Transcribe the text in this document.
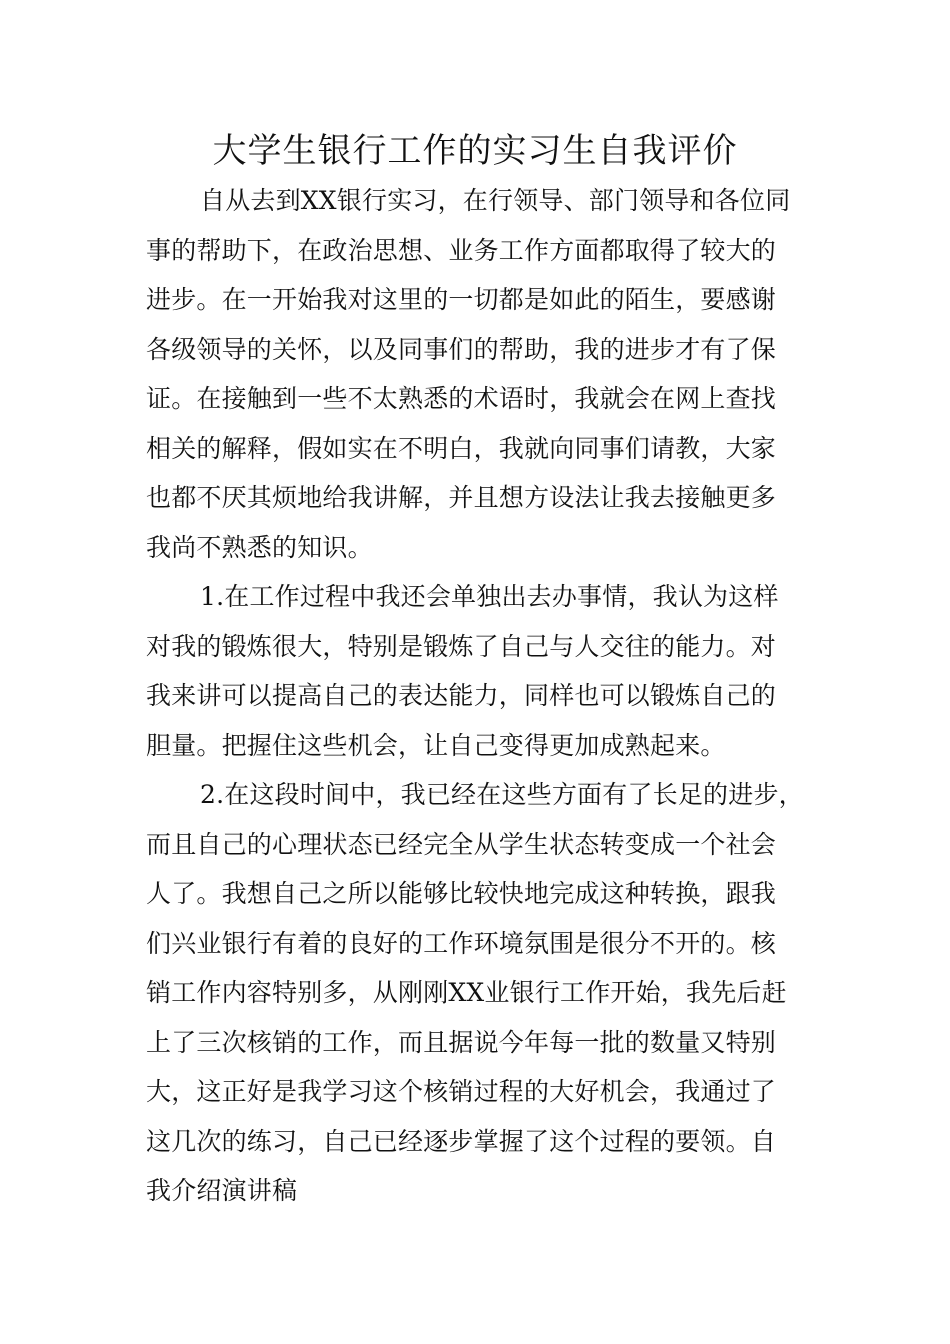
大学生银行工作的实习生自我评价
自从去到XX银行实习，在行领导、部门领导和各位同
事的帮助下，在政治思想、业务工作方面都取得了较大的
进步。在一开始我对这里的一切都是如此的陌生，要感谢
各级领导的关怀，以及同事们的帮助，我的进步才有了保
证。在接触到一些不太熟悉的术语时，我就会在网上查找
相关的解释，假如实在不明白，我就向同事们请教，大家
也都不厌其烦地给我讲解，并且想方设法让我去接触更多
我尚不熟悉的知识。
1.在工作过程中我还会单独出去办事情，我认为这样
对我的锻炼很大，特别是锻炼了自己与人交往的能力。对
我来讲可以提高自己的表达能力，同样也可以锻炼自己的
胆量。把握住这些机会，让自己变得更加成熟起来。
2.在这段时间中，我已经在这些方面有了长足的进步，
而且自己的心理状态已经完全从学生状态转变成一个社会
人了。我想自己之所以能够比较快地完成这种转换，跟我
们兴业银行有着的良好的工作环境氛围是很分不开的。核
销工作内容特别多，从刚刚XX业银行工作开始，我先后赶
上了三次核销的工作，而且据说今年每一批的数量又特别
大，这正好是我学习这个核销过程的大好机会，我通过了
这几次的练习，自己已经逐步掌握了这个过程的要领。自
我介绍演讲稿
